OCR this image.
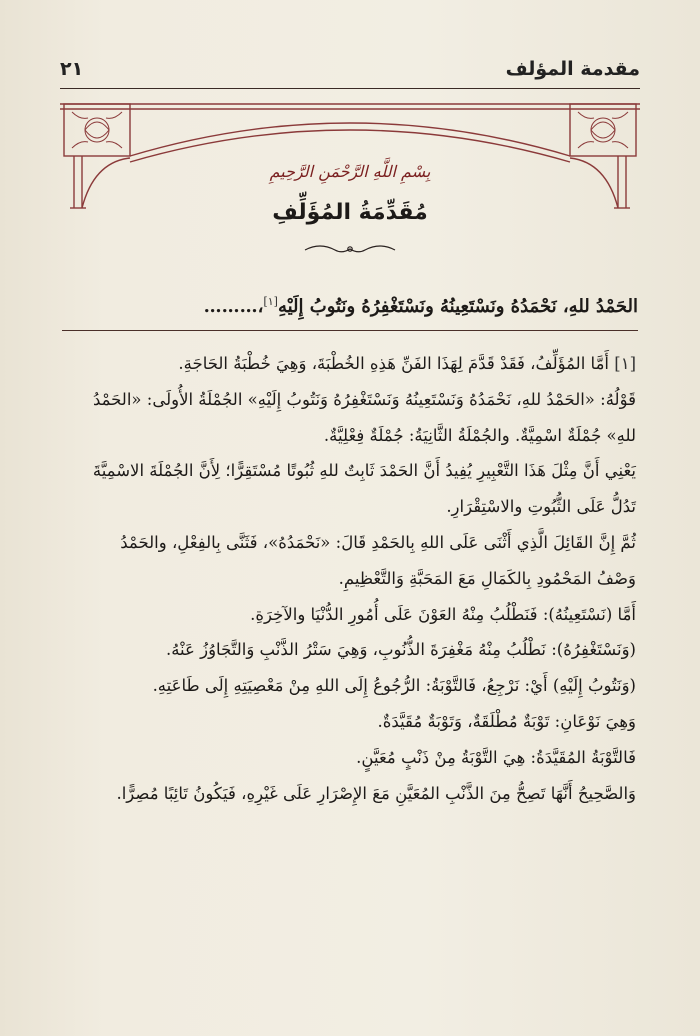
مقدمة المؤلف
٢١
بِسْمِ اللَّهِ الرَّحْمَنِ الرَّحِيمِ
مُقَدِّمَةُ المُؤَلِّفِ
الحَمْدُ للهِ، نَحْمَدُهُ ونَسْتَعِينُهُ ونَسْتَغْفِرُهُ ونَتُوبُ إِلَيْهِ[١]،………

[١] أَمَّا المُؤَلِّفُ، فَقَدْ قَدَّمَ لِهَذَا الفَنِّ هَذِهِ الخُطْبَةَ، وَهِيَ خُطْبَةُ الحَاجَةِ.

قَوْلُهُ: «الحَمْدُ للهِ، نَحْمَدُهُ وَنَسْتَعِينُهُ وَنَسْتَغْفِرُهُ وَنَتُوبُ إِلَيْهِ» الجُمْلَةُ الأُولَى: «الحَمْدُ

للهِ» جُمْلَةٌ اسْمِيَّةٌ. والجُمْلَةُ الثَّانِيَةُ: جُمْلَةٌ فِعْلِيَّةٌ.

يَعْنِي أَنَّ مِثْلَ هَذَا التَّعْبِيرِ يُفِيدُ أَنَّ الحَمْدَ ثَابِتٌ للهِ ثُبُوتًا مُسْتَقِرًّا؛ لِأَنَّ الجُمْلَةَ الاسْمِيَّةَ

تَدُلُّ عَلَى الثُّبُوتِ والاسْتِقْرَارِ.

ثُمَّ إِنَّ القَائِلَ الَّذِي أَثْنَى عَلَى اللهِ بِالحَمْدِ قَالَ: «نَحْمَدُهُ»، فَثَنَّى بِالفِعْلِ، والحَمْدُ

وَصْفُ المَحْمُودِ بِالكَمَالِ مَعَ المَحَبَّةِ وَالتَّعْظِيمِ.

أَمَّا (نَسْتَعِينُهُ): فَنَطْلُبُ مِنْهُ العَوْنَ عَلَى أُمُورِ الدُّنْيَا والآخِرَةِ.

(وَنَسْتَغْفِرُهُ): نَطْلُبُ مِنْهُ مَغْفِرَةَ الذُّنُوبِ، وَهِيَ سَتْرُ الذَّنْبِ وَالتَّجَاوُزُ عَنْهُ.

(وَنَتُوبُ إِلَيْهِ) أَيْ: نَرْجِعُ، فَالتَّوْبَةُ: الرُّجُوعُ إِلَى اللهِ مِنْ مَعْصِيَتِهِ إِلَى طَاعَتِهِ.

وَهِيَ نَوْعَانِ: تَوْبَةٌ مُطْلَقَةٌ، وَتَوْبَةٌ مُقَيَّدَةٌ.

فَالتَّوْبَةُ المُقَيَّدَةُ: هِيَ التَّوْبَةُ مِنْ ذَنْبٍ مُعَيَّنٍ.

وَالصَّحِيحُ أَنَّهَا تَصِحُّ مِنَ الذَّنْبِ المُعَيَّنِ مَعَ الإِصْرَارِ عَلَى غَيْرِهِ، فَيَكُونُ تَائِبًا مُصِرًّا.
